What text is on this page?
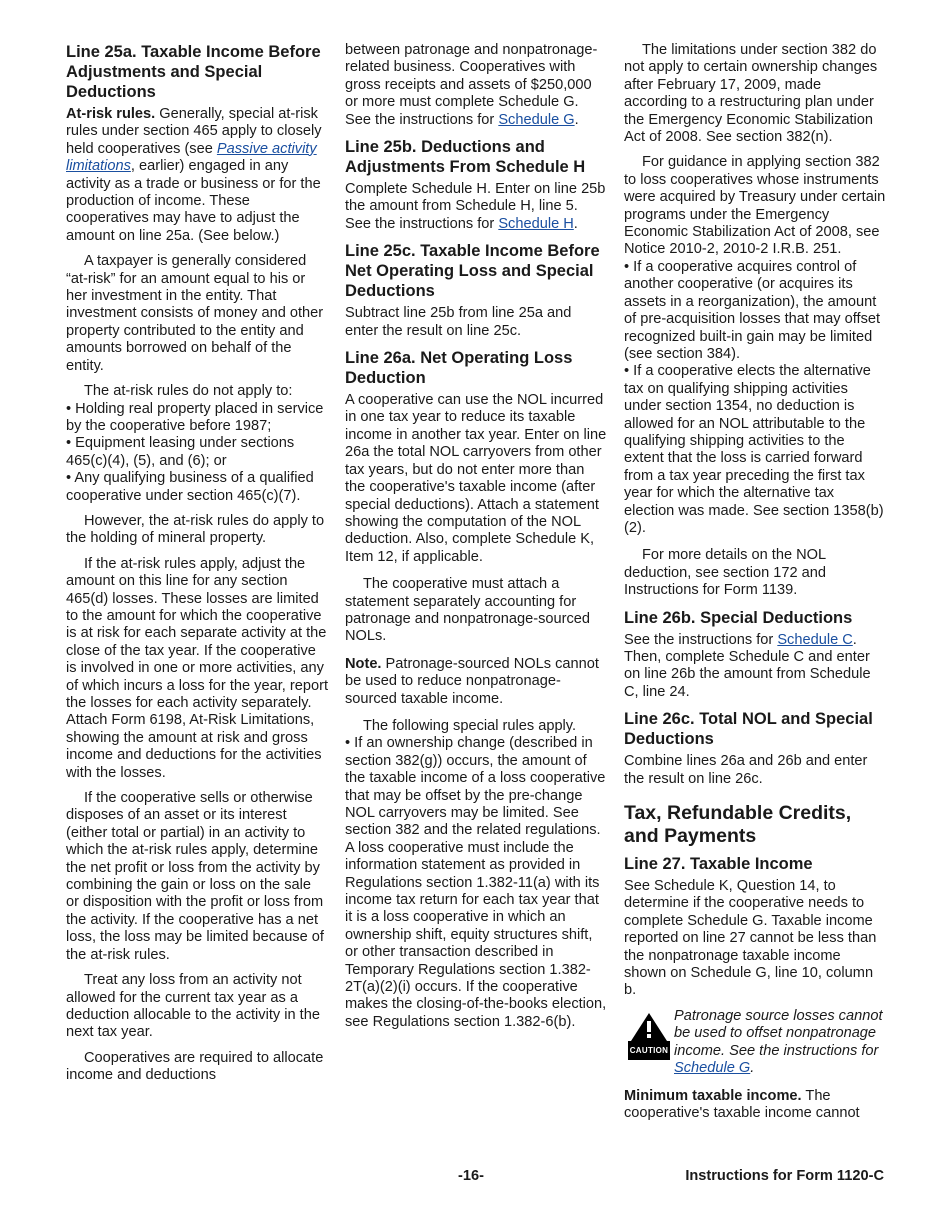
Line 25a. Taxable Income Before Adjustments and Special Deductions

At-risk rules. Generally, special at-risk rules under section 465 apply to closely held cooperatives (see Passive activity limitations, earlier) engaged in any activity as a trade or business or for the production of income. These cooperatives may have to adjust the amount on line 25a. (See below.)

A taxpayer is generally considered “at-risk” for an amount equal to his or her investment in the entity. That investment consists of money and other property contributed to the entity and amounts borrowed on behalf of the entity.

The at-risk rules do not apply to:

• Holding real property placed in service by the cooperative before 1987;

• Equipment leasing under sections 465(c)(4), (5), and (6); or

• Any qualifying business of a qualified cooperative under section 465(c)(7).

However, the at-risk rules do apply to the holding of mineral property.

If the at-risk rules apply, adjust the amount on this line for any section 465(d) losses. These losses are limited to the amount for which the cooperative is at risk for each separate activity at the close of the tax year. If the cooperative is involved in one or more activities, any of which incurs a loss for the year, report the losses for each activity separately. Attach Form 6198, At-Risk Limitations, showing the amount at risk and gross income and deductions for the activities with the losses.

If the cooperative sells or otherwise disposes of an asset or its interest (either total or partial) in an activity to which the at-risk rules apply, determine the net profit or loss from the activity by combining the gain or loss on the sale or disposition with the profit or loss from the activity. If the cooperative has a net loss, the loss may be limited because of the at-risk rules.

Treat any loss from an activity not allowed for the current tax year as a deduction allocable to the activity in the next tax year.

Cooperatives are required to allocate income and deductions

between patronage and nonpatronage-related business. Cooperatives with gross receipts and assets of $250,000 or more must complete Schedule G. See the instructions for Schedule G.

Line 25b. Deductions and Adjustments From Schedule H

Complete Schedule H. Enter on line 25b the amount from Schedule H, line 5. See the instructions for Schedule H.

Line 25c. Taxable Income Before Net Operating Loss and Special Deductions

Subtract line 25b from line 25a and enter the result on line 25c.

Line 26a. Net Operating Loss Deduction

A cooperative can use the NOL incurred in one tax year to reduce its taxable income in another tax year. Enter on line 26a the total NOL carryovers from other tax years, but do not enter more than the cooperative's taxable income (after special deductions). Attach a statement showing the computation of the NOL deduction. Also, complete Schedule K, Item 12, if applicable.

The cooperative must attach a statement separately accounting for patronage and nonpatronage-sourced NOLs.

Note. Patronage-sourced NOLs cannot be used to reduce nonpatronage-sourced taxable income.

The following special rules apply.

• If an ownership change (described in section 382(g)) occurs, the amount of the taxable income of a loss cooperative that may be offset by the pre-change NOL carryovers may be limited. See section 382 and the related regulations. A loss cooperative must include the information statement as provided in Regulations section 1.382-11(a) with its income tax return for each tax year that it is a loss cooperative in which an ownership shift, equity structures shift, or other transaction described in Temporary Regulations section 1.382-2T(a)(2)(i) occurs. If the cooperative makes the closing-of-the-books election, see Regulations section 1.382-6(b).

The limitations under section 382 do not apply to certain ownership changes after February 17, 2009, made according to a restructuring plan under the Emergency Economic Stabilization Act of 2008. See section 382(n).

For guidance in applying section 382 to loss cooperatives whose instruments were acquired by Treasury under certain programs under the Emergency Economic Stabilization Act of 2008, see Notice 2010-2, 2010-2 I.R.B. 251.

• If a cooperative acquires control of another cooperative (or acquires its assets in a reorganization), the amount of pre-acquisition losses that may offset recognized built-in gain may be limited (see section 384).

• If a cooperative elects the alternative tax on qualifying shipping activities under section 1354, no deduction is allowed for an NOL attributable to the qualifying shipping activities to the extent that the loss is carried forward from a tax year preceding the first tax year for which the alternative tax election was made. See section 1358(b)(2).

For more details on the NOL deduction, see section 172 and Instructions for Form 1139.

Line 26b. Special Deductions

See the instructions for Schedule C. Then, complete Schedule C and enter on line 26b the amount from Schedule C, line 24.

Line 26c. Total NOL and Special Deductions

Combine lines 26a and 26b and enter the result on line 26c.

Tax, Refundable Credits, and Payments
Line 27. Taxable Income

See Schedule K, Question 14, to determine if the cooperative needs to complete Schedule G. Taxable income reported on line 27 cannot be less than the nonpatronage taxable income shown on Schedule G, line 10, column b.

CAUTION
Patronage source losses cannot be used to offset nonpatronage income. See the instructions for Schedule G.

Minimum taxable income. The cooperative's taxable income cannot

-16-	Instructions for Form 1120-C
